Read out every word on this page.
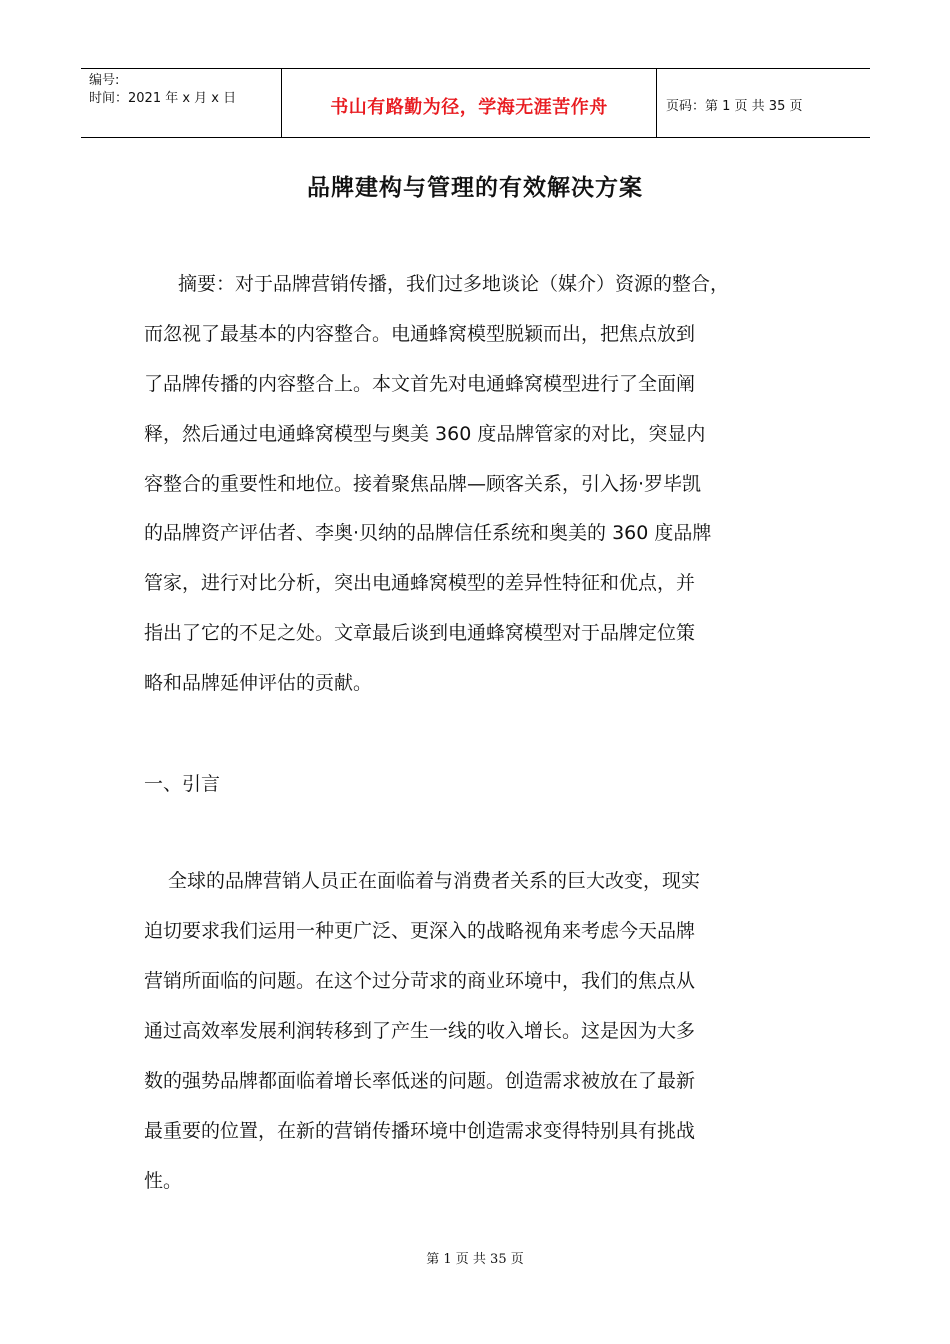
编号:
时间：2021 年 x 月 x 日	书山有路勤为径，学海无涯苦作舟	页码：第 1 页 共 35 页
品牌建构与管理的有效解决方案
摘要：对于品牌营销传播，我们过多地谈论（媒介）资源的整合，
而忽视了最基本的内容整合。电通蜂窝模型脱颖而出，把焦点放到
了品牌传播的内容整合上。本文首先对电通蜂窝模型进行了全面阐
释，然后通过电通蜂窝模型与奥美 360 度品牌管家的对比，突显内
容整合的重要性和地位。接着聚焦品牌—顾客关系，引入扬·罗毕凯
的品牌资产评估者、李奥·贝纳的品牌信任系统和奥美的 360 度品牌
管家，进行对比分析，突出电通蜂窝模型的差异性特征和优点，并
指出了它的不足之处。文章最后谈到电通蜂窝模型对于品牌定位策
略和品牌延伸评估的贡献。
一、引言
全球的品牌营销人员正在面临着与消费者关系的巨大改变，现实
迫切要求我们运用一种更广泛、更深入的战略视角来考虑今天品牌
营销所面临的问题。在这个过分苛求的商业环境中，我们的焦点从
通过高效率发展利润转移到了产生一线的收入增长。这是因为大多
数的强势品牌都面临着增长率低迷的问题。创造需求被放在了最新
最重要的位置，在新的营销传播环境中创造需求变得特别具有挑战
性。
第 1 页 共 35 页
